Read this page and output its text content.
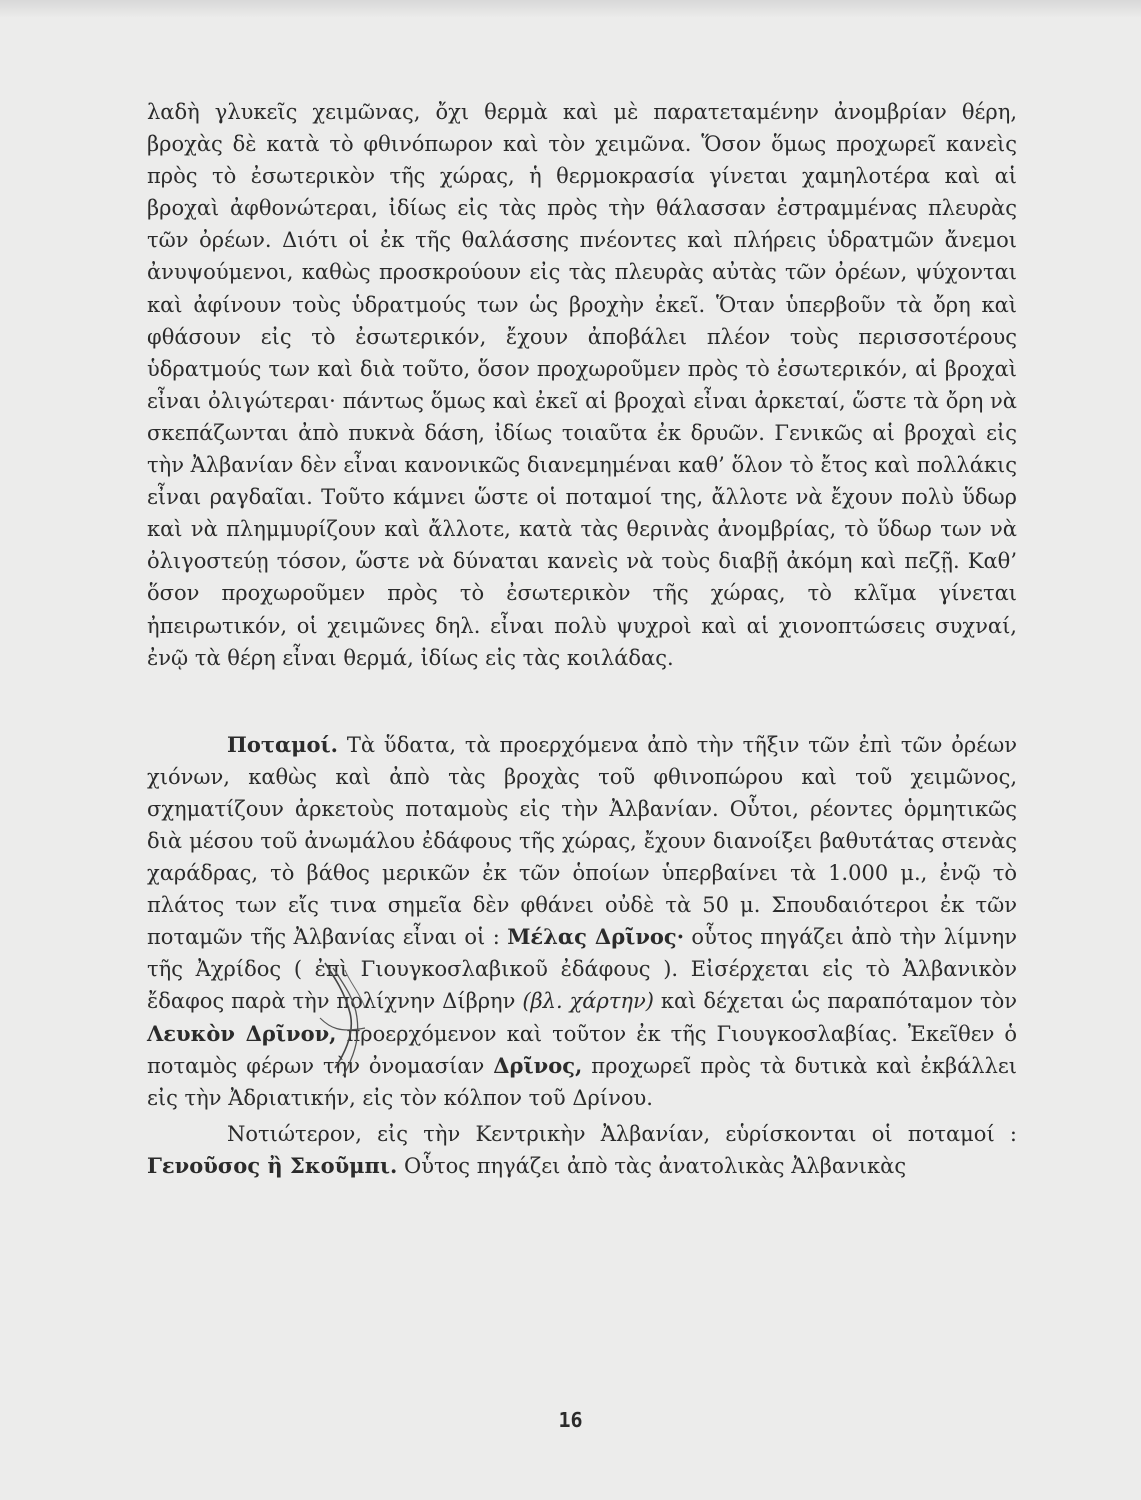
λαδὴ γλυκεῖς χειμῶνας, ὄχι θερμὰ καὶ μὲ παρατεταμένην ἀνομβρίαν θέρη, βροχὰς δὲ κατὰ τὸ φθινόπωρον καὶ τὸν χειμῶνα. Ὅσον ὅμως προχωρεῖ κανεὶς πρὸς τὸ ἐσωτερικὸν τῆς χώρας, ἡ θερμοκρασία γίνεται χαμηλοτέρα καὶ αἱ βροχαὶ ἀφθονώτεραι, ἰδίως εἰς τὰς πρὸς τὴν θάλασσαν ἐστραμμένας πλευρὰς τῶν ὀρέων. Διότι οἱ ἐκ τῆς θαλάσσης πνέοντες καὶ πλήρεις ὑδρατμῶν ἄνεμοι ἀνυψούμενοι, καθὼς προσκρούουν εἰς τὰς πλευρὰς αὐτὰς τῶν ὀρέων, ψύχονται καὶ ἀφίνουν τοὺς ὑδρατμούς των ὡς βροχὴν ἐκεῖ. Ὅταν ὑπερβοῦν τὰ ὄρη καὶ φθάσουν εἰς τὸ ἐσωτερικόν, ἔχουν ἀποβάλει πλέον τοὺς περισσοτέρους ὑδρατμούς των καὶ διὰ τοῦτο, ὅσον προχωροῦμεν πρὸς τὸ ἐσωτερικόν, αἱ βροχαὶ εἶναι ὀλιγώτεραι· πάντως ὅμως καὶ ἐκεῖ αἱ βροχαὶ εἶναι ἀρκεταί, ὥστε τὰ ὄρη νὰ σκεπάζωνται ἀπὸ πυκνὰ δάση, ἰδίως τοιαῦτα ἐκ δρυῶν. Γενικῶς αἱ βροχαὶ εἰς τὴν Ἀλβανίαν δὲν εἶναι κανονικῶς διανεμημέναι καθ’ ὅλον τὸ ἔτος καὶ πολλάκις εἶναι ραγδαῖαι. Τοῦτο κάμνει ὥστε οἱ ποταμοί της, ἄλλοτε νὰ ἔχουν πολὺ ὕδωρ καὶ νὰ πλημμυρίζουν καὶ ἄλλοτε, κατὰ τὰς θερινὰς ἀνομβρίας, τὸ ὕδωρ των νὰ ὀλιγοστεύῃ τόσον, ὥστε νὰ δύναται κανεὶς νὰ τοὺς διαβῇ ἀκόμη καὶ πεζῇ. Καθ’ ὅσον προχωροῦμεν πρὸς τὸ ἐσωτερικὸν τῆς χώρας, τὸ κλῖμα γίνεται ἠπειρωτικόν, οἱ χειμῶνες δηλ. εἶναι πολὺ ψυχροὶ καὶ αἱ χιονοπτώσεις συχναί, ἐνῷ τὰ θέρη εἶναι θερμά, ἰδίως εἰς τὰς κοιλάδας.

Ποταμοί. Τὰ ὕδατα, τὰ προερχόμενα ἀπὸ τὴν τῆξιν τῶν ἐπὶ τῶν ὀρέων χιόνων, καθὼς καὶ ἀπὸ τὰς βροχὰς τοῦ φθινοπώρου καὶ τοῦ χειμῶνος, σχηματίζουν ἀρκετοὺς ποταμοὺς εἰς τὴν Ἀλβανίαν. Οὗτοι, ρέοντες ὁρμητικῶς διὰ μέσου τοῦ ἀνωμάλου ἐδάφους τῆς χώρας, ἔχουν διανοίξει βαθυτάτας στενὰς χαράδρας, τὸ βάθος μερικῶν ἐκ τῶν ὁποίων ὑπερβαίνει τὰ 1.000 μ., ἐνῷ τὸ πλάτος των εἴς τινα σημεῖα δὲν φθάνει οὐδὲ τὰ 50 μ. Σπουδαιότεροι ἐκ τῶν ποταμῶν τῆς Ἀλβανίας εἶναι οἱ : Μέλας Δρῖνος· οὗτος πηγάζει ἀπὸ τὴν λίμνην τῆς Ἀχρίδος ( ἐπὶ Γιουγκοσλαβικοῦ ἐδάφους ). Εἰσέρχεται εἰς τὸ Ἀλβανικὸν ἔδαφος παρὰ τὴν πολίχνην Δίβρην (βλ. χάρτην) καὶ δέχεται ὡς παραπόταμον τὸν Λευκὸν Δρῖνον, προερχόμενον καὶ τοῦτον ἐκ τῆς Γιουγκοσλαβίας. Ἐκεῖθεν ὁ ποταμὸς φέρων τὴν ὀνομασίαν Δρῖνος, προχωρεῖ πρὸς τὰ δυτικὰ καὶ ἐκβάλλει εἰς τὴν Ἀδριατικήν, εἰς τὸν κόλπον τοῦ Δρίνου.

Νοτιώτερον, εἰς τὴν Κεντρικὴν Ἀλβανίαν, εὑρίσκονται οἱ ποταμοί : Γενοῦσος ἢ Σκοῦμπι. Οὗτος πηγάζει ἀπὸ τὰς ἀνατολικὰς Ἀλβανικὰς

16
